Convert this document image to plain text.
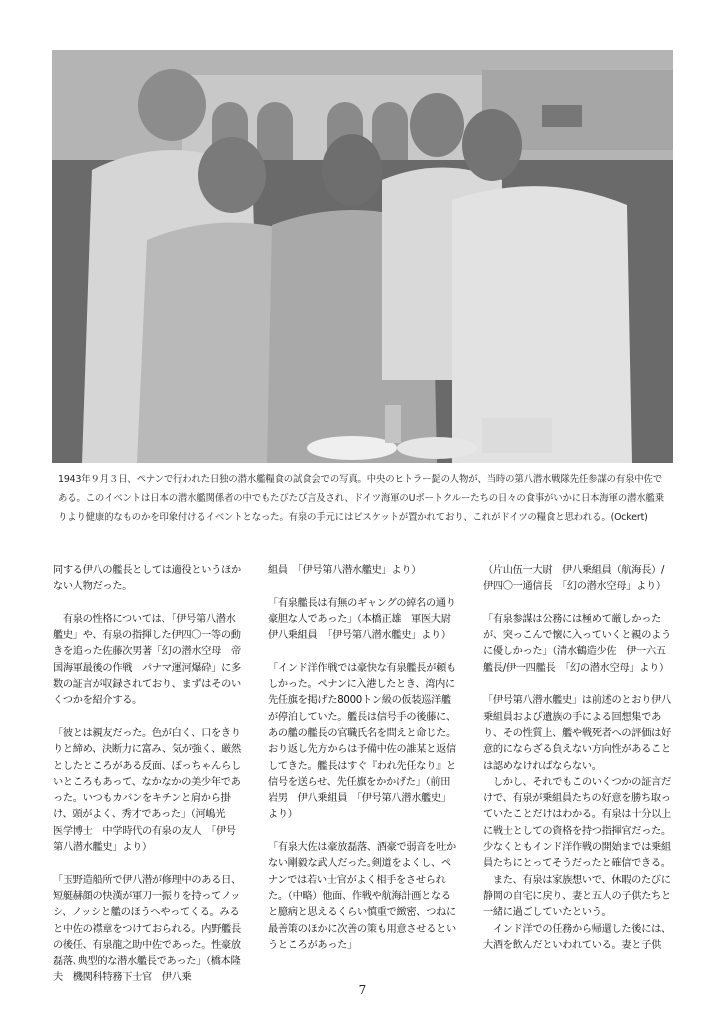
1943年９月３日、ペナンで行われた日独の潜水艦糧食の試食会での写真。中央のヒトラー髭の人物が、当時の第八潜水戦隊先任参謀の有泉中佐である。このイベントは日本の潜水艦関係者の中でもたびたび言及され、ドイツ海軍のUボートクルーたちの日々の食事がいかに日本海軍の潜水艦乗りより健康的なものかを印象付けるイベントとなった。有泉の手元にはビスケットが置かれており、これがドイツの糧食と思われる。(Ockert)

同する伊八の艦長としては適役というほかない人物だった。

　有泉の性格については､「伊号第八潜水艦史」や、有泉の指揮した伊四〇一等の動きを追った佐藤次男著「幻の潜水空母　帝国海軍最後の作戦　パナマ運河爆砕」に多数の証言が収録されており、まずはそのいくつかを紹介する。

「彼とは親友だった。色が白く、口をきりりと締め、決断力に富み、気が強く、厳然としたところがある反面、ぼっちゃんらしいところもあって、なかなかの美少年であった。いつもカバンをキチンと肩から掛け、頭がよく、秀才であった」（河嶋光　医学博士　中学時代の有泉の友人　「伊号第八潜水艦史」より）

「玉野造船所で伊八潜が修理中のある日、短艇赫顔の快漢が軍刀一振りを持ってノッシ、ノッシと艦のほうへやってくる。みると中佐の襟章をつけておられる。内野艦長の後任、有泉龍之助中佐であった。性豪放磊落､典型的な潜水艦長であった」（橋本隆夫　機関科特務下士官　伊八乗

組員　「伊号第八潜水艦史」より）

「有泉艦長は有無のギャングの綽名の通り豪胆な人であった」（本橋正雄　軍医大尉　伊八乗組員　「伊号第八潜水艦史」より）

「インド洋作戦では豪快な有泉艦長が頼もしかった。ペナンに入港したとき、湾内に先任旗を掲げた8000トン級の仮装巡洋艦が停泊していた。艦長は信号手の後藤に、あの艦の艦長の官職氏名を問えと命じた。おり返し先方からは予備中佐の誰某と返信してきた。艦長はすぐ『われ先任なり』と信号を送らせ、先任旗をかかげた」（前田岩男　伊八乗組員　「伊号第八潜水艦史」より）

「有泉大佐は豪放磊落、酒豪で弱音を吐かない剛毅な武人だった｡剣道をよくし、ペナンでは若い士官がよく相手をさせられた｡（中略）他面、作戦や航海計画となると臆病と思えるくらい慎重で緻密、つねに最善策のほかに次善の策も用意させるというところがあった」

（片山伍一大尉　伊八乗組員（航海長）/伊四〇一通信長　「幻の潜水空母」より）

「有泉参謀は公務には極めて厳しかったが、突っこんで懐に入っていくと親のように優しかった」（清水鶴造少佐　伊一六五艦長/伊一四艦長　「幻の潜水空母」より）

「伊号第八潜水艦史」は前述のとおり伊八乗組員および遺族の手による回想集であり、その性質上、艦や戦死者への評価は好意的にならざる負えない方向性があることは認めなければならない。

　しかし、それでもこのいくつかの証言だけで、有泉が乗組員たちの好意を勝ち取っていたことだけはわかる。有泉は十分以上に戦士としての資格を持つ指揮官だった。少なくともインド洋作戦の開始までは乗組員たちにとってそうだったと確信できる。

　また、有泉は家族想いで、休暇のたびに静岡の自宅に戻り、妻と五人の子供たちと一緒に過ごしていたという。

　インド洋での任務から帰還した後には、大酒を飲んだといわれている。妻と子供

7
